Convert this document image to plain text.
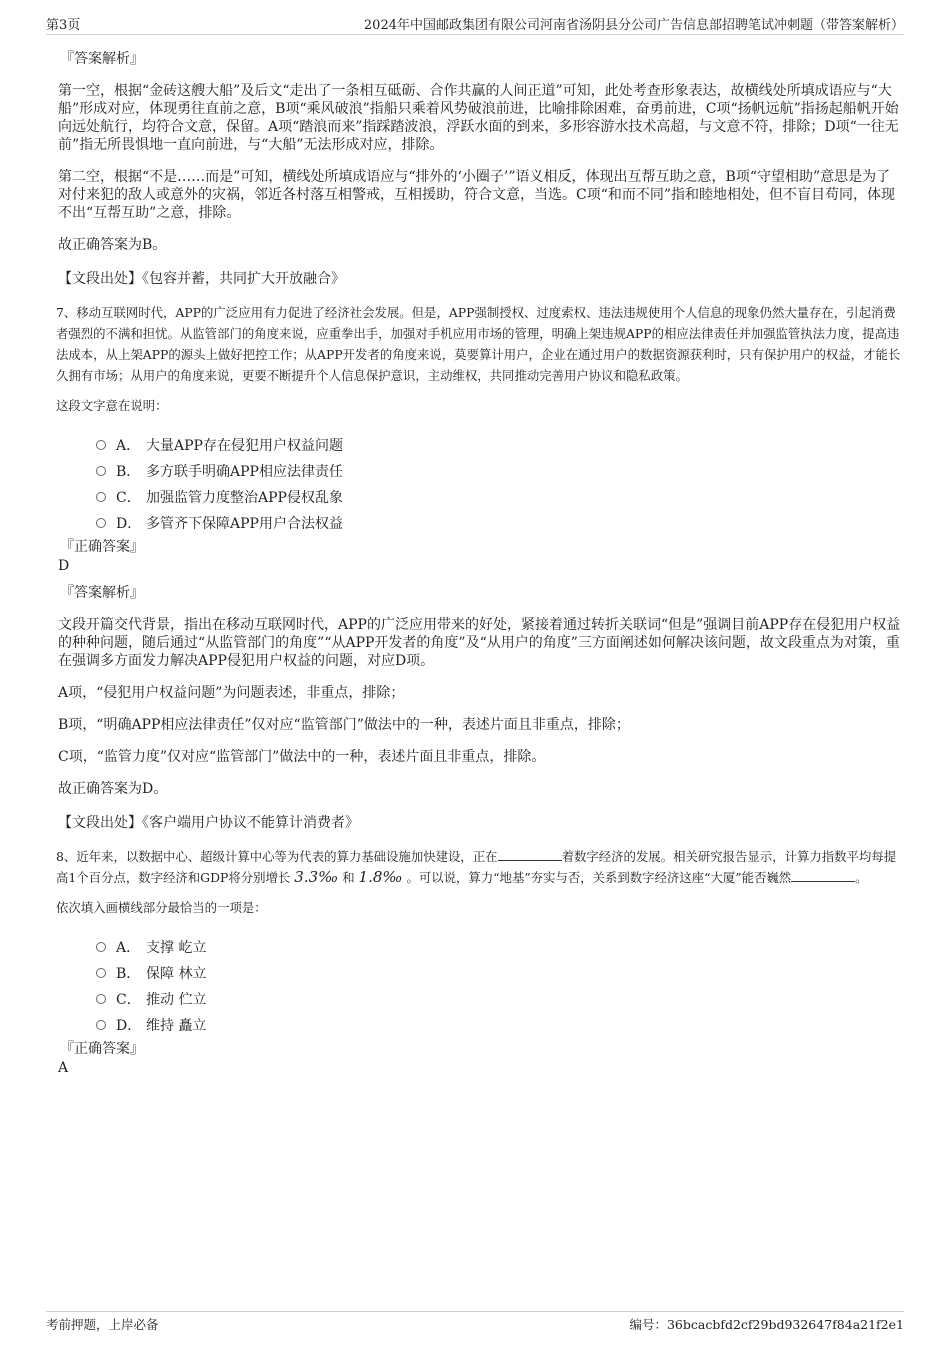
第3页	2024年中国邮政集团有限公司河南省汤阴县分公司广告信息部招聘笔试冲刺题（带答案解析）
『答案解析』

第一空，根据“金砖这艘大船”及后文“走出了一条相互砥砺、合作共赢的人间正道”可知，此处考查形象表达，故横线处所填成语应与“大船”形成对应，体现勇往直前之意，B项“乘风破浪”指船只乘着风势破浪前进，比喻排除困难，奋勇前进，C项“扬帆远航”指扬起船帆开始向远处航行，均符合文意，保留。A项“踏浪而来”指踩踏波浪，浮跃水面的到来，多形容游水技术高超，与文意不符，排除；D项“一往无前”指无所畏惧地一直向前进，与“大船”无法形成对应，排除。

第二空，根据“不是……而是”可知，横线处所填成语应与“排外的‘小圈子’”语义相反，体现出互帮互助之意，B项“守望相助”意思是为了对付来犯的敌人或意外的灾祸，邻近各村落互相警戒，互相援助，符合文意，当选。C项“和而不同”指和睦地相处，但不盲目苟同，体现不出“互帮互助”之意，排除。

故正确答案为B。

【文段出处】《包容并蓄，共同扩大开放融合》

7、移动互联网时代，APP的广泛应用有力促进了经济社会发展。但是，APP强制授权、过度索权、违法违规使用个人信息的现象仍然大量存在，引起消费者强烈的不满和担忧。从监管部门的角度来说，应重拳出手，加强对手机应用市场的管理，明确上架违规APP的相应法律责任并加强监管执法力度，提高违法成本，从上架APP的源头上做好把控工作；从APP开发者的角度来说，莫要算计用户，企业在通过用户的数据资源获利时，只有保护用户的权益，才能长久拥有市场；从用户的角度来说，更要不断提升个人信息保护意识，主动维权，共同推动完善用户协议和隐私政策。

这段文字意在说明：

A． 大量APP存在侵犯用户权益问题
B． 多方联手明确APP相应法律责任
C． 加强监管力度整治APP侵权乱象
D． 多管齐下保障APP用户合法权益
『正确答案』
D
『答案解析』

文段开篇交代背景，指出在移动互联网时代，APP的广泛应用带来的好处，紧接着通过转折关联词“但是”强调目前APP存在侵犯用户权益的种种问题，随后通过“从监管部门的角度”“从APP开发者的角度”及“从用户的角度”三方面阐述如何解决该问题，故文段重点为对策，重在强调多方面发力解决APP侵犯用户权益的问题，对应D项。

A项，“侵犯用户权益问题”为问题表述，非重点，排除；

B项，“明确APP相应法律责任”仅对应“监管部门”做法中的一种，表述片面且非重点，排除；

C项，“监管力度”仅对应“监管部门”做法中的一种，表述片面且非重点，排除。

故正确答案为D。

【文段出处】《客户端用户协议不能算计消费者》

8、近年来，以数据中心、超级计算中心等为代表的算力基础设施加快建设，正在	着数字经济的发展。相关研究报告显示，计算力指数平均每提高1个百分点，数字经济和GDP将分别增长 3.3‰ 和 1.8‰ 。可以说，算力“地基”夯实与否，关系到数字经济这座“大厦”能否巍然	。

依次填入画横线部分最恰当的一项是：

A． 支撑 屹立
B． 保障 林立
C． 推动 伫立
D． 维持 矗立
『正确答案』
A
考前押题，上岸必备	编号：36bcacbfd2cf29bd932647f84a21f2e1
